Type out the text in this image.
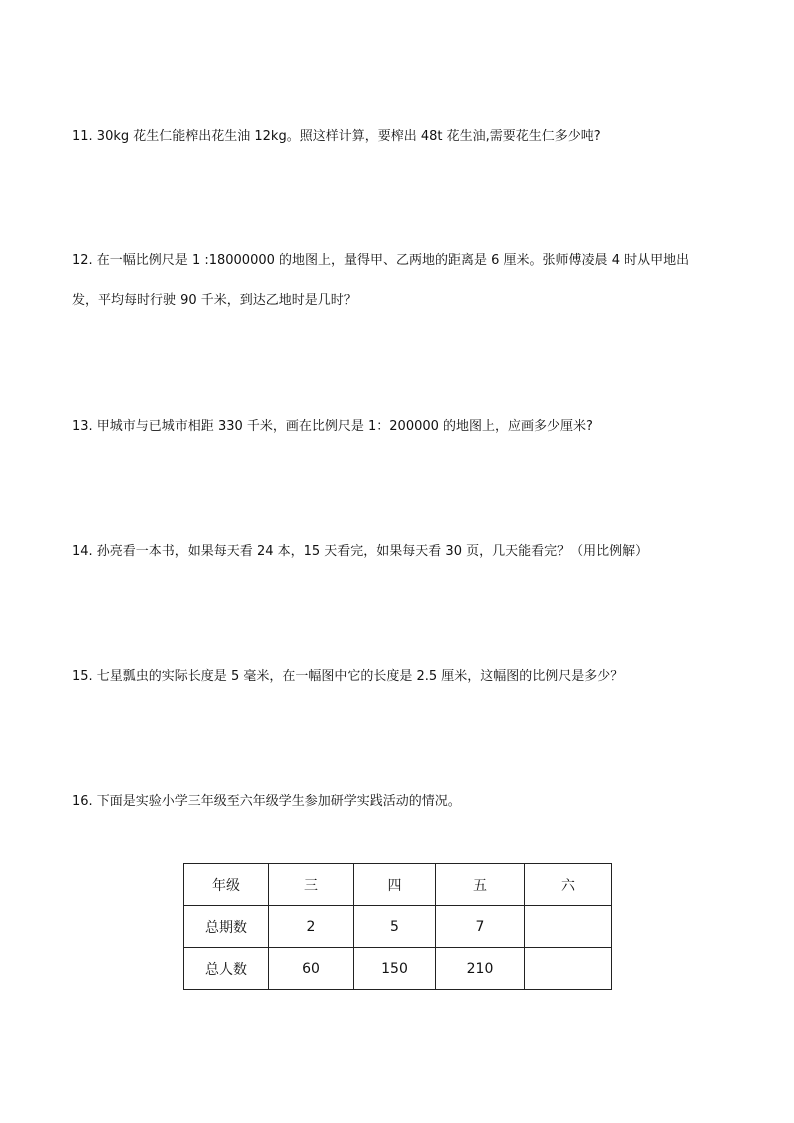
11. 30kg 花生仁能榨出花生油 12kg。照这样计算，要榨出 48t 花生油,需要花生仁多少吨?
12. 在一幅比例尺是 1 :18000000 的地图上，量得甲、乙两地的距离是 6 厘米。张师傅凌晨 4 时从甲地出
发，平均每时行驶 90 千米，到达乙地时是几时？
13. 甲城市与已城市相距 330 千米，画在比例尺是 1：200000 的地图上，应画多少厘米?
14. 孙亮看一本书，如果每天看 24 本，15 天看完，如果每天看 30 页，几天能看完？（用比例解）
15. 七星瓢虫的实际长度是 5 毫米，在一幅图中它的长度是 2.5 厘米，这幅图的比例尺是多少？
16. 下面是实验小学三年级至六年级学生参加研学实践活动的情况。
年级	三	四	五	六
总期数	2	5	7	
总人数	60	150	210	
